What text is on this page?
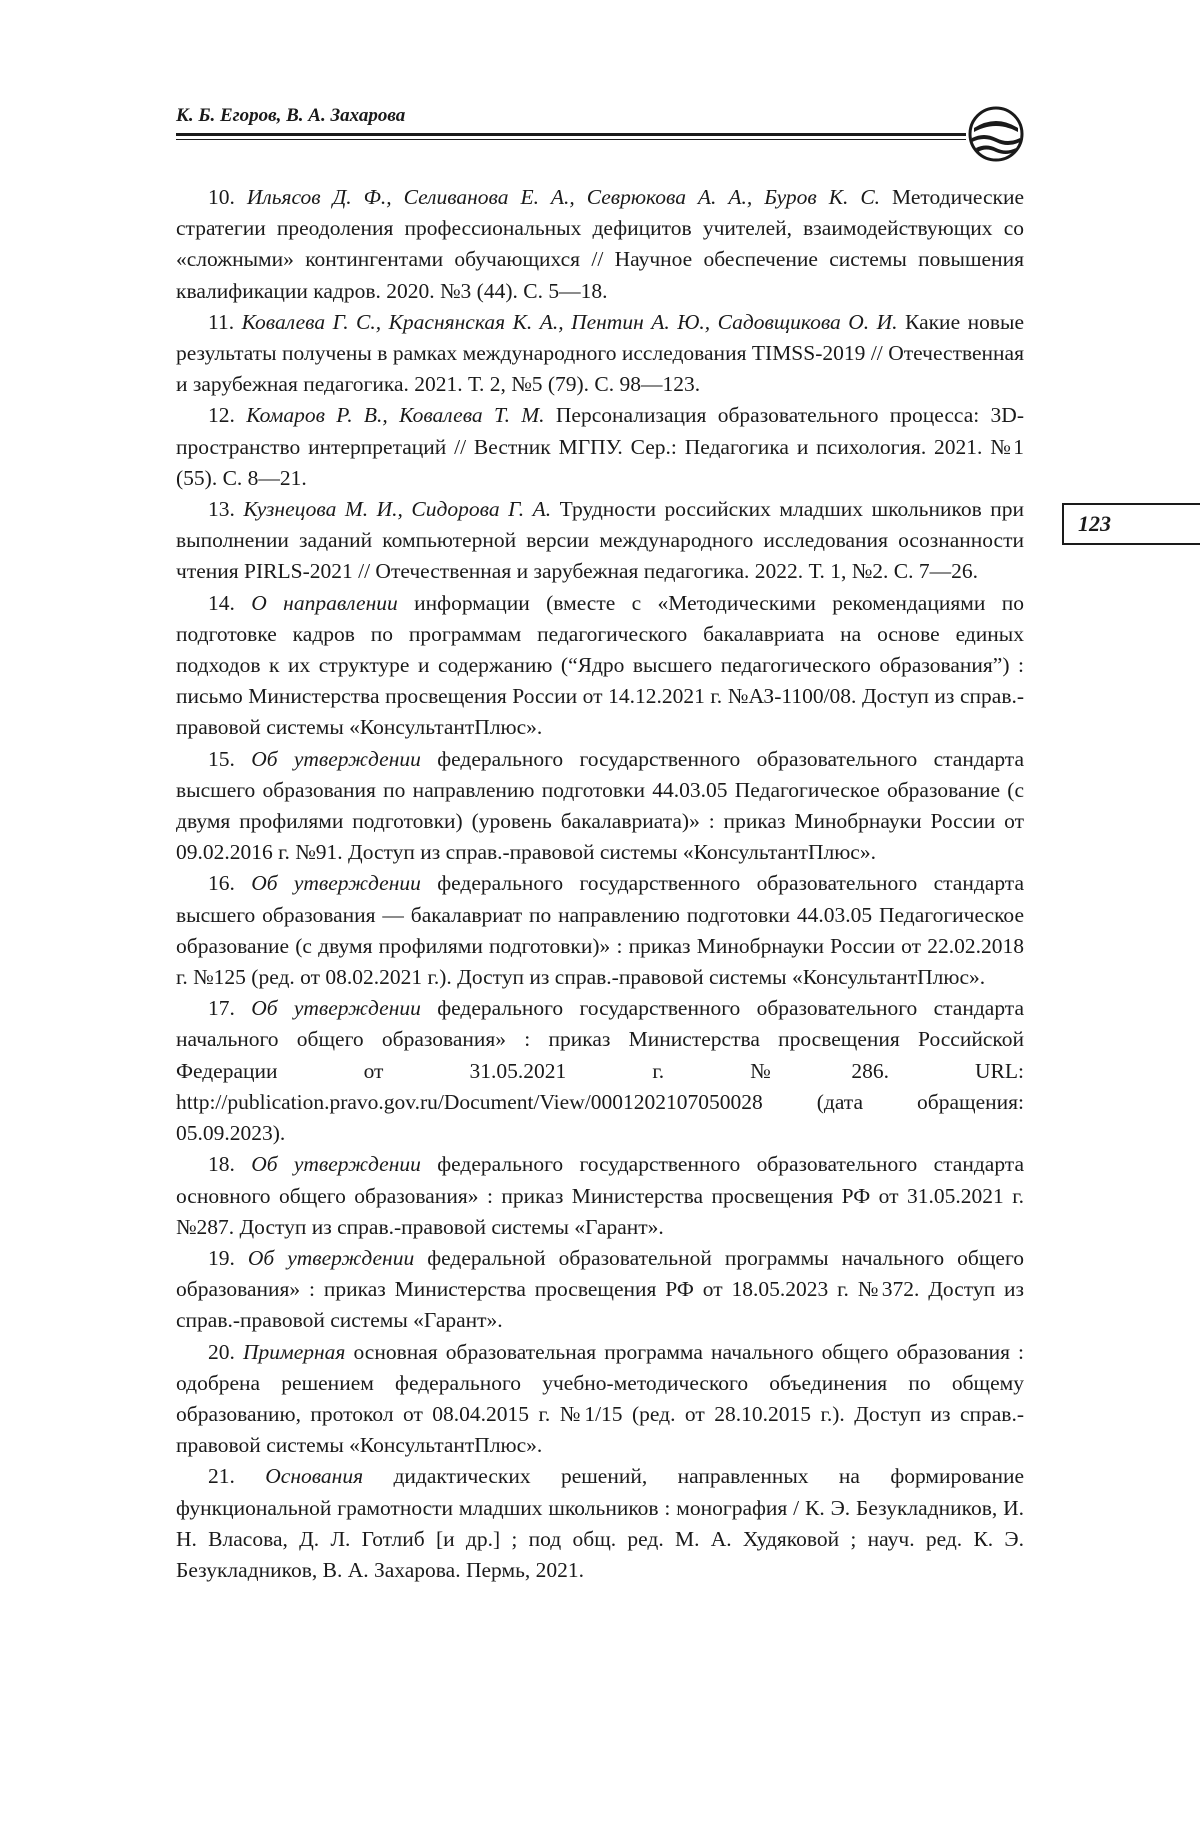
К. Б. Егоров, В. А. Захарова
123

10. Ильясов Д. Ф., Селиванова Е. А., Севрюкова А. А., Буров К. С. Методические стратегии преодоления профессиональных дефицитов учителей, взаимодействующих со «сложными» контингентами обучающихся // Научное обеспечение системы повышения квалификации кадров. 2020. №3 (44). С. 5—18.

11. Ковалева Г. С., Краснянская К. А., Пентин А. Ю., Садовщикова О. И. Какие новые результаты получены в рамках международного исследования TIMSS-2019 // Отечественная и зарубежная педагогика. 2021. Т. 2, №5 (79). С. 98—123.

12. Комаров Р. В., Ковалева Т. М. Персонализация образовательного процесса: 3D-пространство интерпретаций // Вестник МГПУ. Сер.: Педагогика и психология. 2021. №1 (55). С. 8—21.

13. Кузнецова М. И., Сидорова Г. А. Трудности российских младших школьников при выполнении заданий компьютерной версии международного исследования осознанности чтения PIRLS-2021 // Отечественная и зарубежная педагогика. 2022. Т. 1, №2. С. 7—26.

14. О направлении информации (вместе с «Методическими рекомендациями по подготовке кадров по программам педагогического бакалавриата на основе единых подходов к их структуре и содержанию (“Ядро высшего педагогического образования”) : письмо Министерства просвещения России от 14.12.2021 г. №АЗ-1100/08. Доступ из справ.-правовой системы «КонсультантПлюс».

15. Об утверждении федерального государственного образовательного стандарта высшего образования по направлению подготовки 44.03.05 Педагогическое образование (с двумя профилями подготовки) (уровень бакалавриата)» : приказ Минобрнауки России от 09.02.2016 г. №91. Доступ из справ.-правовой системы «КонсультантПлюс».

16. Об утверждении федерального государственного образовательного стандарта высшего образования — бакалавриат по направлению подготовки 44.03.05 Педагогическое образование (с двумя профилями подготовки)» : приказ Минобрнауки России от 22.02.2018 г. №125 (ред. от 08.02.2021 г.). Доступ из справ.-правовой системы «КонсультантПлюс».

17. Об утверждении федерального государственного образовательного стандарта начального общего образования» : приказ Министерства просвещения Российской Федерации от 31.05.2021 г. №286. URL: http://publication.pravo.gov.ru/Document/View/0001202107050028 (дата обращения: 05.09.2023).

18. Об утверждении федерального государственного образовательного стандарта основного общего образования» : приказ Министерства просвещения РФ от 31.05.2021 г. №287. Доступ из справ.-правовой системы «Гарант».

19. Об утверждении федеральной образовательной программы начального общего образования» : приказ Министерства просвещения РФ от 18.05.2023 г. №372. Доступ из справ.-правовой системы «Гарант».

20. Примерная основная образовательная программа начального общего образования : одобрена решением федерального учебно-методического объединения по общему образованию, протокол от 08.04.2015 г. №1/15 (ред. от 28.10.2015 г.). Доступ из справ.-правовой системы «КонсультантПлюс».

21. Основания дидактических решений, направленных на формирование функциональной грамотности младших школьников : монография / К. Э. Безукладников, И. Н. Власова, Д. Л. Готлиб [и др.] ; под общ. ред. М. А. Худяковой ; науч. ред. К. Э. Безукладников, В. А. Захарова. Пермь, 2021.
